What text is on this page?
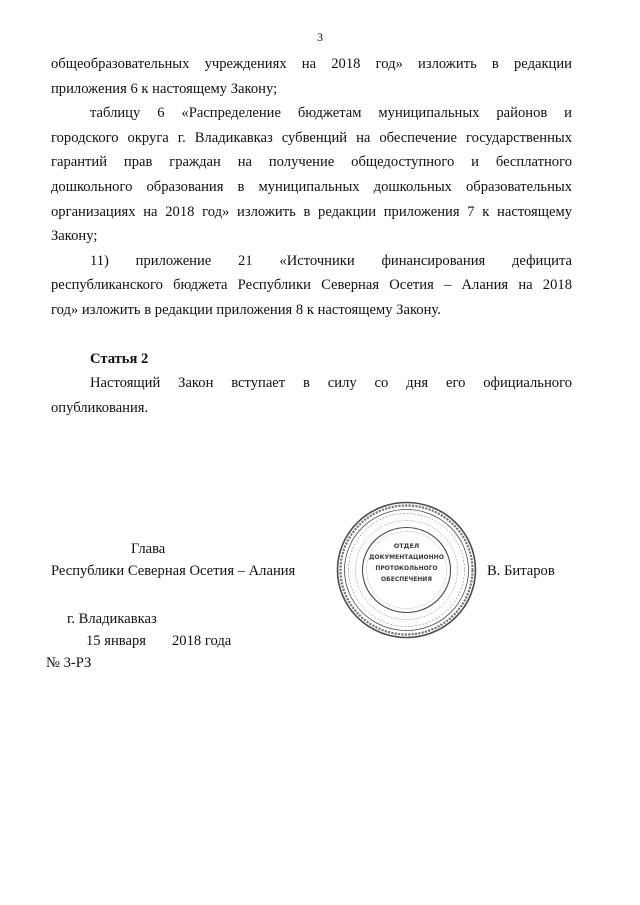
3

общеобразовательных учреждениях на 2018 год» изложить в редакции

приложения 6 к настоящему Закону;

таблицу 6 «Распределение бюджетам муниципальных районов и

городского округа г. Владикавказ субвенций на обеспечение государственных

гарантий прав граждан на получение общедоступного и бесплатного

дошкольного образования в муниципальных дошкольных образовательных

организациях на 2018 год» изложить в редакции приложения 7 к настоящему

Закону;

11) приложение 21 «Источники финансирования дефицита

республиканского бюджета Республики Северная Осетия – Алания на 2018

год» изложить в редакции приложения 8 к настоящему Закону.

Статья 2

Настоящий Закон вступает в силу со дня его официального

опубликования.

Глава
Республики Северная Осетия – Алания	В. Битаров
ОТДЕЛ
ДОКУМЕНТАЦИОННО
ПРОТОКОЛЬНОГО
ОБЕСПЕЧЕНИЯ
г. Владикавказ
15 января 2018 года
№ 3-РЗ
